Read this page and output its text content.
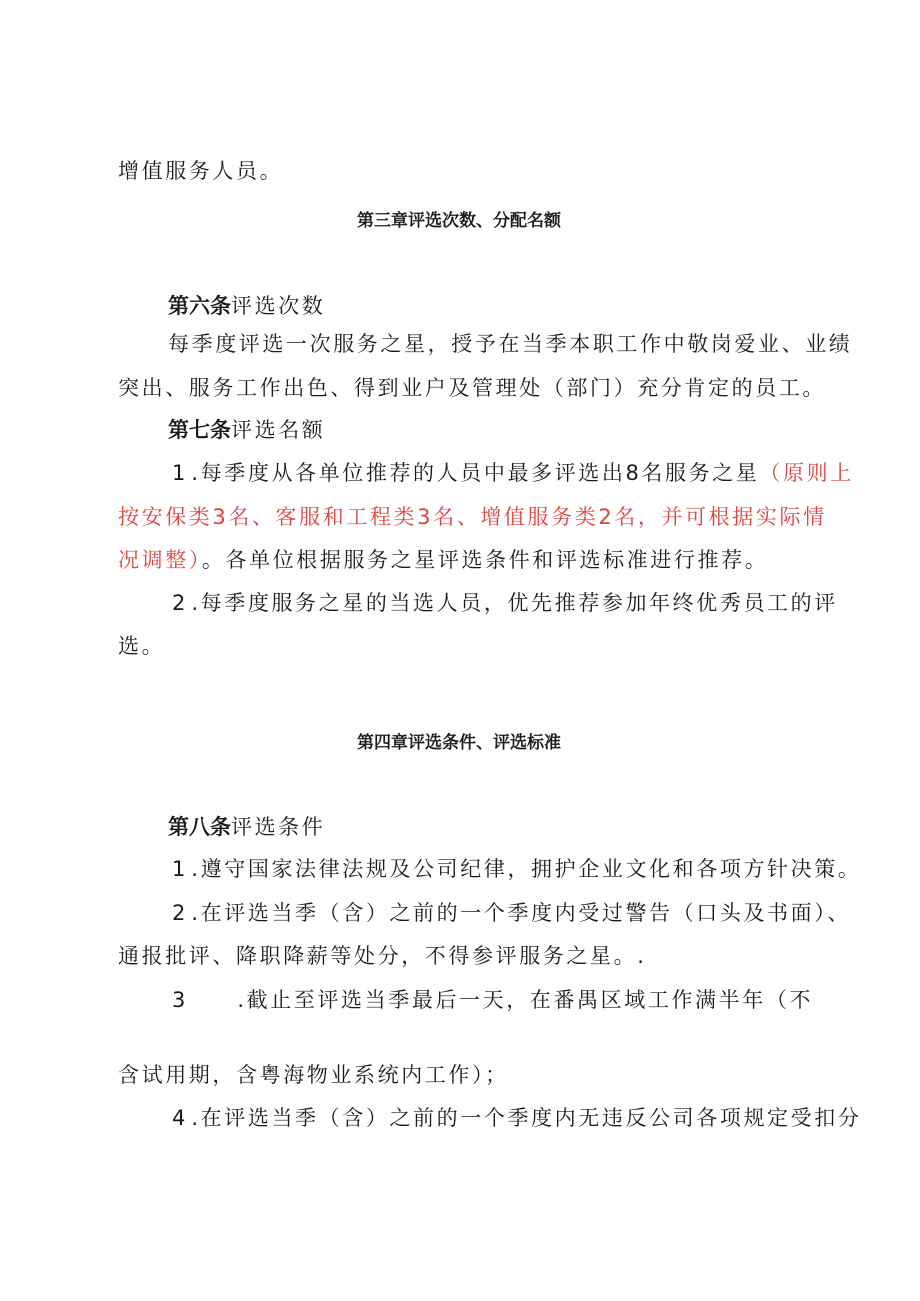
增值服务人员。
第三章评选次数、分配名额
第六条评选次数
每季度评选一次服务之星，授予在当季本职工作中敬岗爱业、业绩
突出、服务工作出色、得到业户及管理处（部门）充分肯定的员工。
第七条评选名额
1 .每季度从各单位推荐的人员中最多评选出8名服务之星（原则上
按安保类3名、客服和工程类3名、增值服务类2名，并可根据实际情
况调整）。各单位根据服务之星评选条件和评选标准进行推荐。
2 .每季度服务之星的当选人员，优先推荐参加年终优秀员工的评
选。
第四章评选条件、评选标准
第八条评选条件
1 .遵守国家法律法规及公司纪律，拥护企业文化和各项方针决策。
2 .在评选当季（含）之前的一个季度内受过警告（口头及书面）、
通报批评、降职降薪等处分，不得参评服务之星。.
3 .截止至评选当季最后一天，在番禺区域工作满半年（不
含试用期，含粤海物业系统内工作）；
4 .在评选当季（含）之前的一个季度内无违反公司各项规定受扣分
